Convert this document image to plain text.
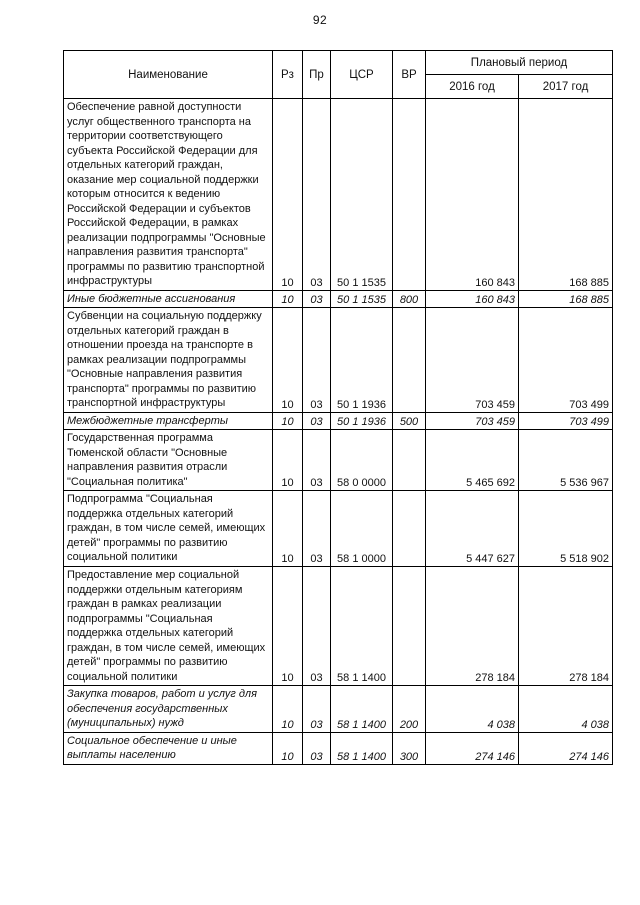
92
Наименование	Рз	Пр	ЦСР	ВР	Плановый период	
					2016 год	2017 год
Обеспечение равной доступности услуг общественного транспорта на территории соответствующего субъекта Российской Федерации для отдельных категорий граждан, оказание мер социальной поддержки которым относится к ведению Российской Федерации и субъектов Российской Федерации, в рамках реализации подпрограммы "Основные направления развития транспорта" программы по развитию транспортной инфраструктуры	10	03	50 1 1535		160 843	168 885
Иные бюджетные ассигнования	10	03	50 1 1535	800	160 843	168 885
Субвенции на социальную поддержку отдельных категорий граждан в отношении проезда на транспорте в рамках реализации подпрограммы "Основные направления развития транспорта" программы по развитию транспортной инфраструктуры	10	03	50 1 1936		703 459	703 499
Межбюджетные трансферты	10	03	50 1 1936	500	703 459	703 499
Государственная программа Тюменской области "Основные направления развития отрасли "Социальная политика"	10	03	58 0 0000		5 465 692	5 536 967
Подпрограмма "Социальная поддержка отдельных категорий граждан, в том числе семей, имеющих детей" программы по развитию социальной политики	10	03	58 1 0000		5 447 627	5 518 902
Предоставление мер социальной поддержки отдельным категориям граждан в рамках реализации подпрограммы "Социальная поддержка отдельных категорий граждан, в том числе семей, имеющих детей" программы по развитию социальной политики	10	03	58 1 1400		278 184	278 184
Закупка товаров, работ и услуг для обеспечения государственных (муниципальных) нужд	10	03	58 1 1400	200	4 038	4 038
Социальное обеспечение и иные выплаты населению	10	03	58 1 1400	300	274 146	274 146
